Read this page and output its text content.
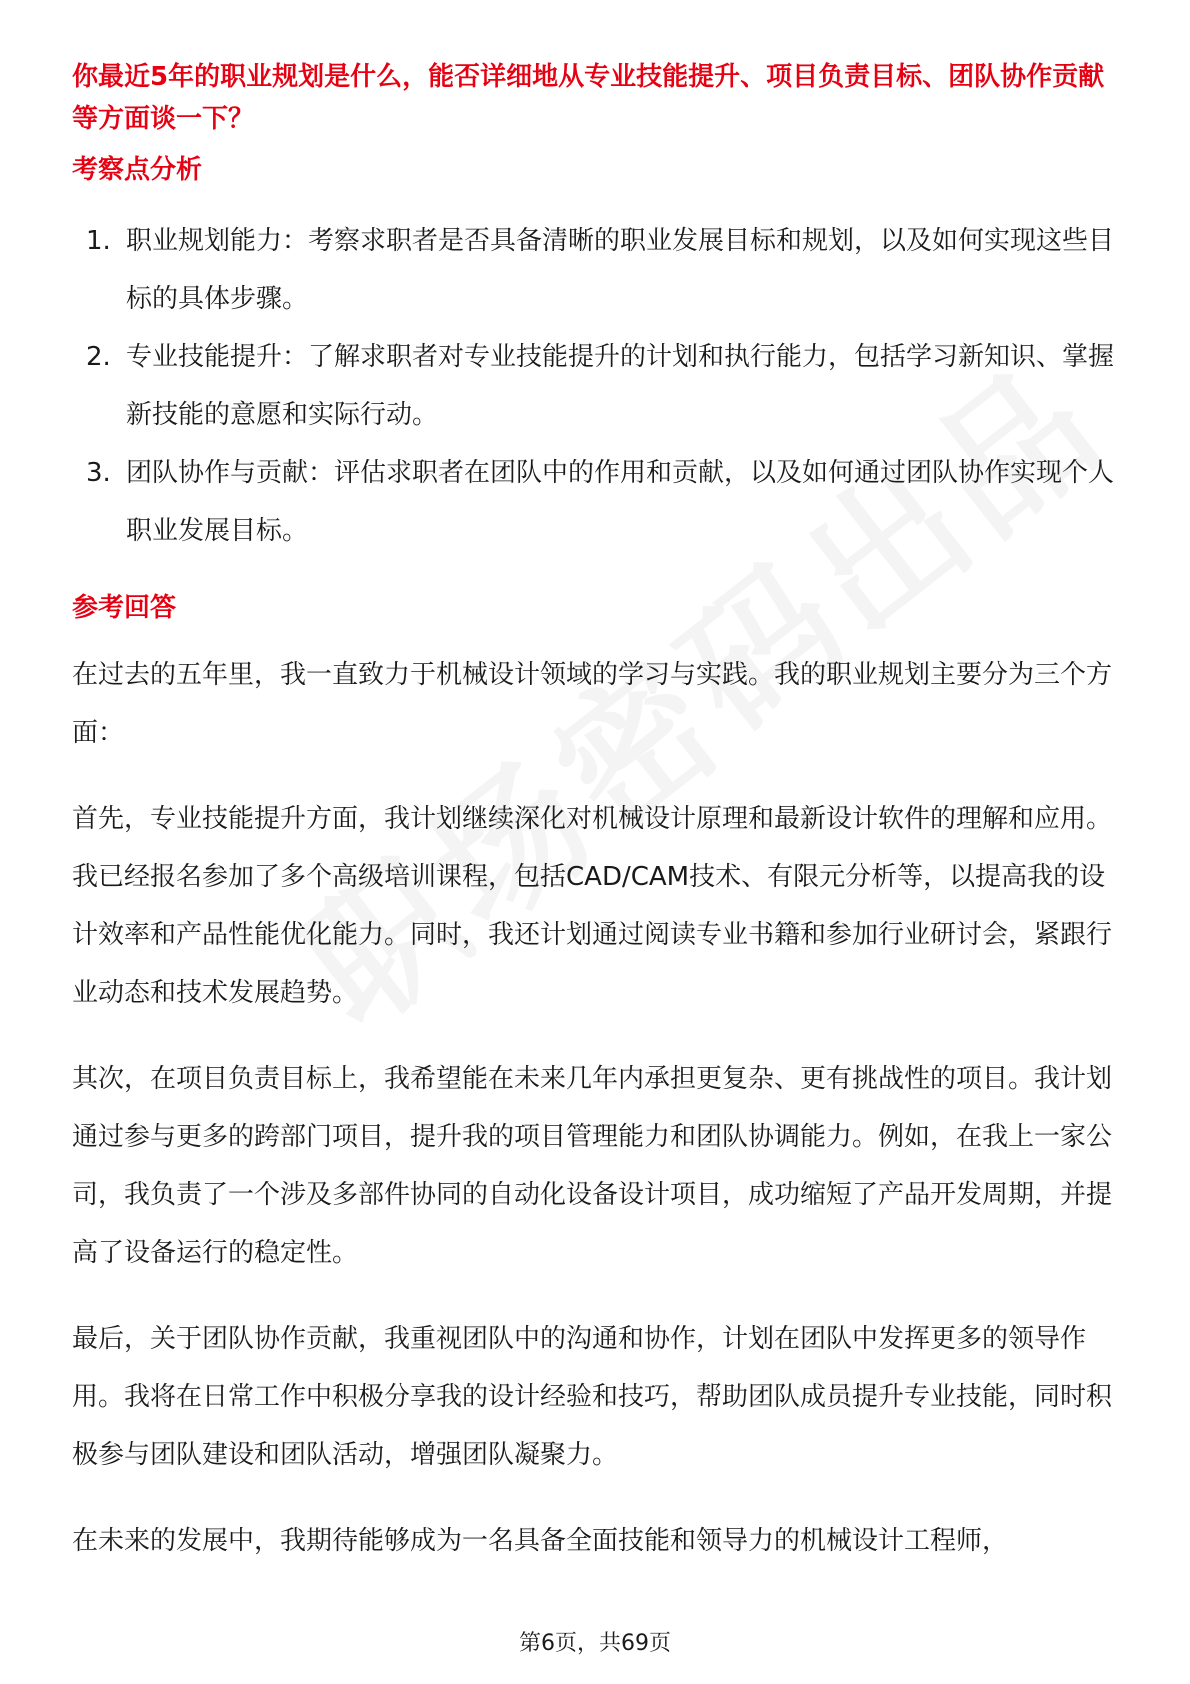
你最近5年的职业规划是什么，能否详细地从专业技能提升、项目负责目标、团队协作贡献等方面谈一下？

考察点分析
1. 职业规划能力：考察求职者是否具备清晰的职业发展目标和规划，以及如何实现这些目标的具体步骤。
2. 专业技能提升：了解求职者对专业技能提升的计划和执行能力，包括学习新知识、掌握新技能的意愿和实际行动。
3. 团队协作与贡献：评估求职者在团队中的作用和贡献，以及如何通过团队协作实现个人职业发展目标。
参考回答

在过去的五年里，我一直致力于机械设计领域的学习与实践。我的职业规划主要分为三个方面：

首先，专业技能提升方面，我计划继续深化对机械设计原理和最新设计软件的理解和应用。我已经报名参加了多个高级培训课程，包括CAD/CAM技术、有限元分析等，以提高我的设计效率和产品性能优化能力。同时，我还计划通过阅读专业书籍和参加行业研讨会，紧跟行业动态和技术发展趋势。

其次，在项目负责目标上，我希望能在未来几年内承担更复杂、更有挑战性的项目。我计划通过参与更多的跨部门项目，提升我的项目管理能力和团队协调能力。例如，在我上一家公司，我负责了一个涉及多部件协同的自动化设备设计项目，成功缩短了产品开发周期，并提高了设备运行的稳定性。

最后，关于团队协作贡献，我重视团队中的沟通和协作，计划在团队中发挥更多的领导作用。我将在日常工作中积极分享我的设计经验和技巧，帮助团队成员提升专业技能，同时积极参与团队建设和团队活动，增强团队凝聚力。

在未来的发展中，我期待能够成为一名具备全面技能和领导力的机械设计工程师，

第6页，共69页
